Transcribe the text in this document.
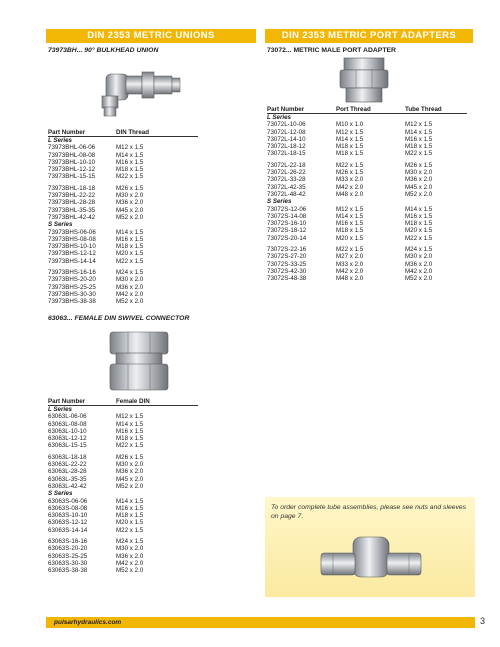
DIN 2353 METRIC UNIONS
73973BH... 90° BULKHEAD UNION
Part Number	DIN Thread
L Series
73973BHL-06-06	M12 x 1.5
73973BHL-08-08	M14 x 1.5
73973BHL-10-10	M16 x 1.5
73973BHL-12-12	M18 x 1.5
73973BHL-15-15	M22 x 1.5
73973BHL-18-18	M26 x 1.5
73973BHL-22-22	M30 x 2.0
73973BHL-28-28	M36 x 2.0
73973BHL-35-35	M45 x 2.0
73973BHL-42-42	M52 x 2.0
S Series
73973BHS-06-06	M14 x 1.5
73973BHS-08-08	M16 x 1.5
73973BHS-10-10	M18 x 1.5
73973BHS-12-12	M20 x 1.5
73973BHS-14-14	M22 x 1.5
73973BHS-16-16	M24 x 1.5
73973BHS-20-20	M30 x 2.0
73973BHS-25-25	M36 x 2.0
73973BHS-30-30	M42 x 2.0
73973BHS-38-38	M52 x 2.0
63063... FEMALE DIN SWIVEL CONNECTOR
Part Number	Female DIN
L Series
63063L-06-06	M12 x 1.5
63063L-08-08	M14 x 1.5
63063L-10-10	M16 x 1.5
63063L-12-12	M18 x 1.5
63063L-15-15	M22 x 1.5
63063L-18-18	M26 x 1.5
63063L-22-22	M30 x 2.0
63063L-28-28	M36 x 2.0
63063L-35-35	M45 x 2.0
63063L-42-42	M52 x 2.0
S Series
63063S-06-06	M14 x 1.5
63063S-08-08	M16 x 1.5
63063S-10-10	M18 x 1.5
63063S-12-12	M20 x 1.5
63063S-14-14	M22 x 1.5
63063S-16-16	M24 x 1.5
63063S-20-20	M30 x 2.0
63063S-25-25	M36 x 2.0
63063S-30-30	M42 x 2.0
63063S-38-38	M52 x 2.0
DIN 2353 METRIC PORT ADAPTERS
73072... METRIC MALE PORT ADAPTER
Part Number	Port Thread	Tube Thread
L Series
73072L-10-06	M10 x 1.0	M12 x 1.5
73072L-12-08	M12 x 1.5	M14 x 1.5
73072L-14-10	M14 x 1.5	M16 x 1.5
73072L-18-12	M18 x 1.5	M18 x 1.5
73072L-18-15	M18 x 1.5	M22 x 1.5
73072L-22-18	M22 x 1.5	M26 x 1.5
73072L-26-22	M26 x 1.5	M30 x 2.0
73072L-33-28	M33 x 2.0	M36 x 2.0
73072L-42-35	M42 x 2.0	M45 x 2.0
73072L-48-42	M48 x 2.0	M52 x 2.0
S Series
73072S-12-06	M12 x 1.5	M14 x 1.5
73072S-14-08	M14 x 1.5	M16 x 1.5
73072S-16-10	M16 x 1.5	M18 x 1.5
73072S-18-12	M18 x 1.5	M20 x 1.5
73072S-20-14	M20 x 1.5	M22 x 1.5
73072S-22-16	M22 x 1.5	M24 x 1.5
73072S-27-20	M27 x 2.0	M30 x 2.0
73072S-33-25	M33 x 2.0	M36 x 2.0
73072S-42-30	M42 x 2.0	M42 x 2.0
73072S-48-38	M48 x 2.0	M52 x 2.0
To order complete tube assemblies, please see nuts and sleeves on page 7.
pulsarhydraulics.com	3
